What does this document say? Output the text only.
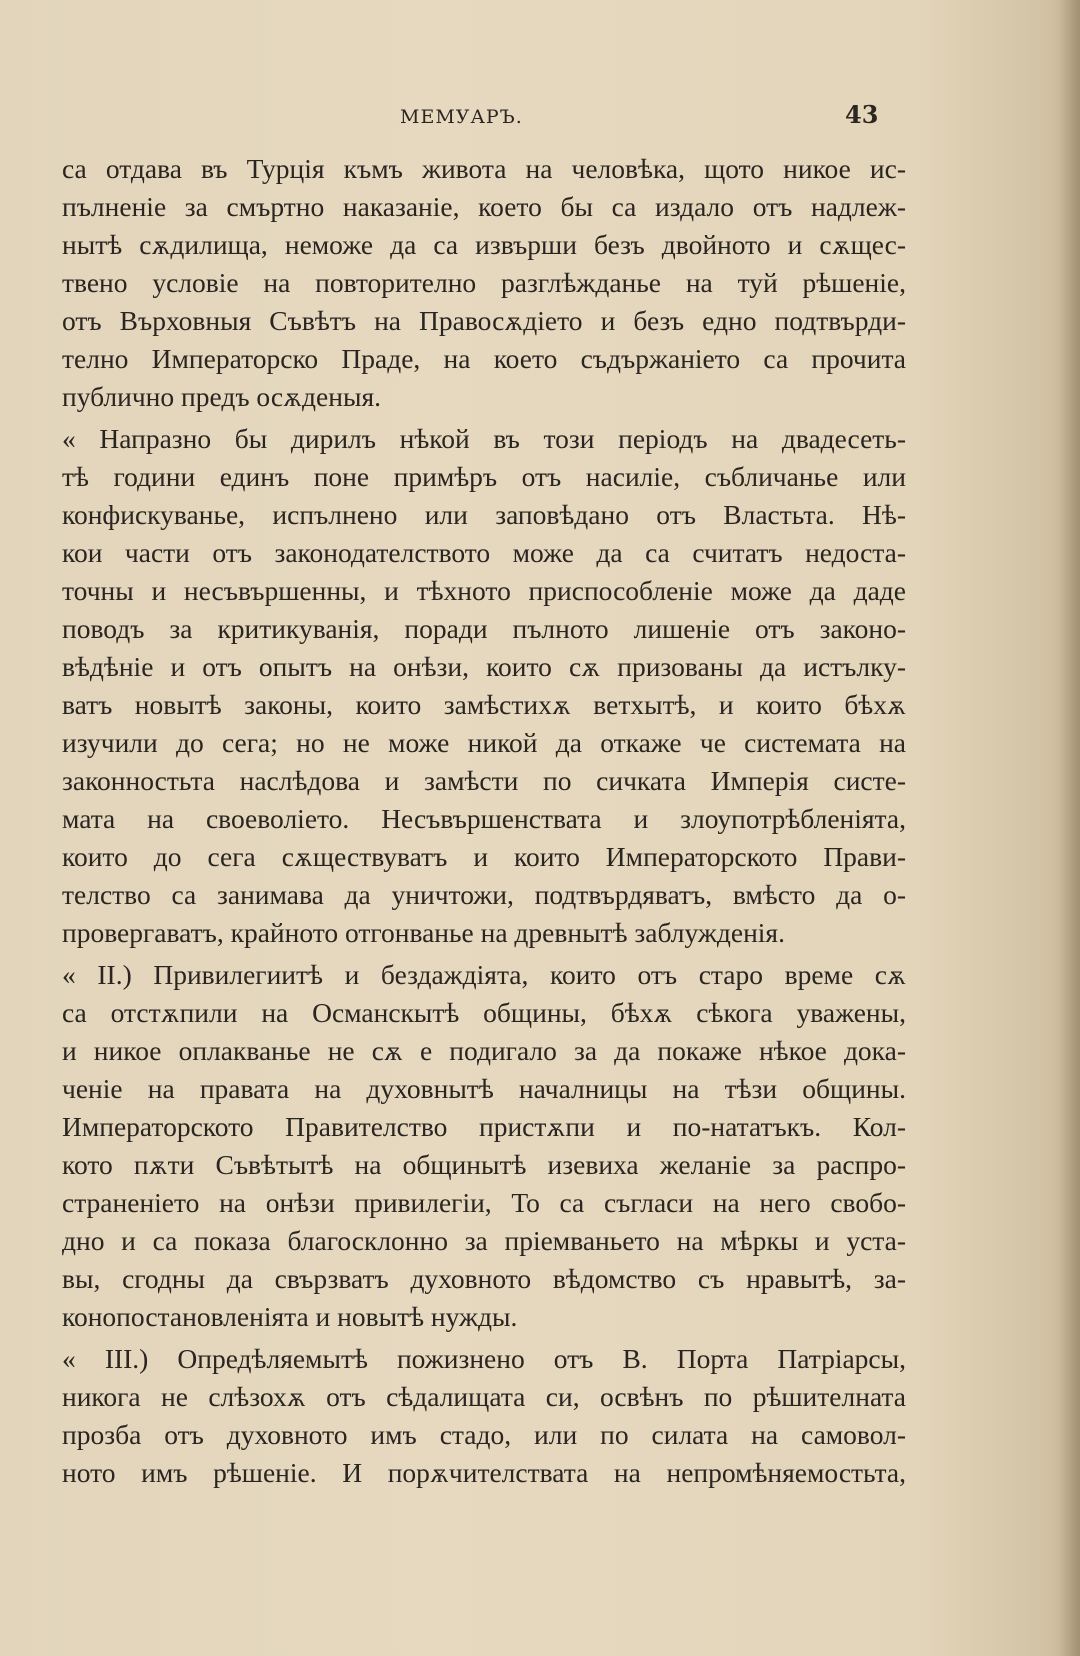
МЕМУАРЪ.	43
са отдава въ Турція къмъ живота на человѣка, щото никое ис-
пълненіе за смъртно наказаніе, което бы са издало отъ надлеж-
нытѣ сѫдилища, неможе да са извърши безъ двойното и сѫщес-
твено условіе на повторително разглѣжданье на туй рѣшеніе,
отъ Върховныя Съвѣтъ на Правосѫдіето и безъ едно подтвърди-
телно Императорско Праде, на което съдържаніето са прочита
публично предъ осѫденыя.
« Напразно бы дирилъ нѣкой въ този періодъ на двадесеть-
тѣ години единъ поне примѣръ отъ насиліе, събличанье или
конфискуванье, испълнено или заповѣдано отъ Властьта. Нѣ-
кои части отъ законодателството може да са считатъ недоста-
точны и несъвършенны, и тѣхното приспособленіе може да даде
поводъ за критикуванія, поради пълното лишеніе отъ законо-
вѣдѣніе и отъ опытъ на онѣзи, които сѫ призованы да истълку-
ватъ новытѣ законы, които замѣстихѫ ветхытѣ, и които бѣхѫ
изучили до сега; но не може никой да откаже че системата на
законностьта наслѣдова и замѣсти по сичката Имперія систе-
мата на своеволіето. Несъвършенствата и злоупотрѣбленіята,
които до сега сѫществуватъ и които Императорското Прави-
телство са занимава да уничтожи, подтвърдяватъ, вмѣсто да о-
провергаватъ, крайното отгонванье на древнытѣ заблужденія.
« II.) Привилегиитѣ и бездаждіята, които отъ старо време сѫ
са отстѫпили на Османскытѣ общины, бѣхѫ сѣкога уважены,
и никое оплакванье не сѫ е подигало за да покаже нѣкое дока-
ченіе на правата на духовнытѣ началницы на тѣзи общины.
Императорското Правителство пристѫпи и по-нататъкъ. Кол-
кото пѫти Съвѣтытѣ на общинытѣ изевиха желаніе за распро-
страненіето на онѣзи привилегіи, То са съгласи на него свобо-
дно и са показа благосклонно за пріемваньето на мѣркы и уста-
вы, сгодны да свързватъ духовното вѣдомство съ нравытѣ, за-
конопостановленіята и новытѣ нужды.
« III.) Опредѣляемытѣ пожизнено отъ В. Порта Патріарсы,
никога не слѣзохѫ отъ сѣдалищата си, освѣнъ по рѣшителната
прозба отъ духовното имъ стадо, или по силата на самовол-
ното имъ рѣшеніе. И порѫчителствата на непромѣняемостьта,
